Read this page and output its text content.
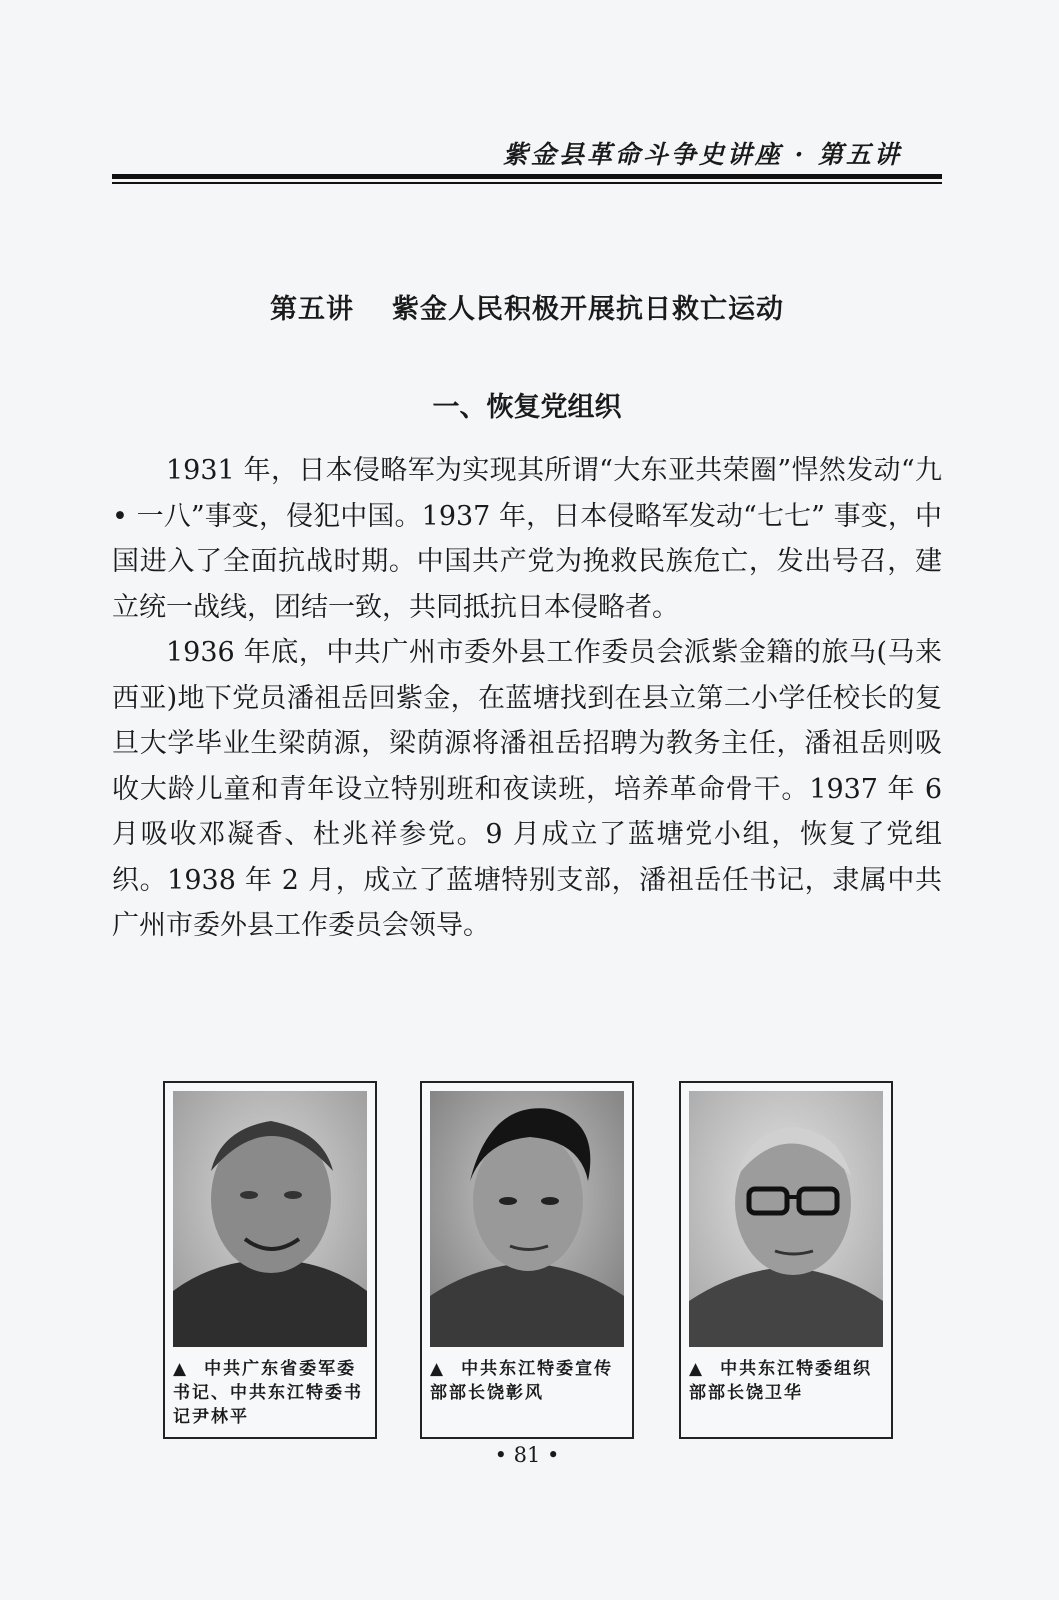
紫金县革命斗争史讲座 · 第五讲
第五讲 紫金人民积极开展抗日救亡运动
一、恢复党组织

1931 年，日本侵略军为实现其所谓“大东亚共荣圈”悍然发动“九 • 一八”事变，侵犯中国。1937 年，日本侵略军发动“七七” 事变，中国进入了全面抗战时期。中国共产党为挽救民族危亡，发出号召，建立统一战线，团结一致，共同抵抗日本侵略者。

1936 年底，中共广州市委外县工作委员会派紫金籍的旅马(马来西亚)地下党员潘祖岳回紫金，在蓝塘找到在县立第二小学任校长的复旦大学毕业生梁荫源，梁荫源将潘祖岳招聘为教务主任，潘祖岳则吸收大龄儿童和青年设立特别班和夜读班，培养革命骨干。1937 年 6 月吸收邓凝香、杜兆祥参党。9 月成立了蓝塘党小组，恢复了党组织。1938 年 2 月，成立了蓝塘特别支部，潘祖岳任书记，隶属中共广州市委外县工作委员会领导。

▲ 中共广东省委军委书记、中共东江特委书记尹林平
▲ 中共东江特委宣传部部长饶彰风
▲ 中共东江特委组织部部长饶卫华
• 81 •
